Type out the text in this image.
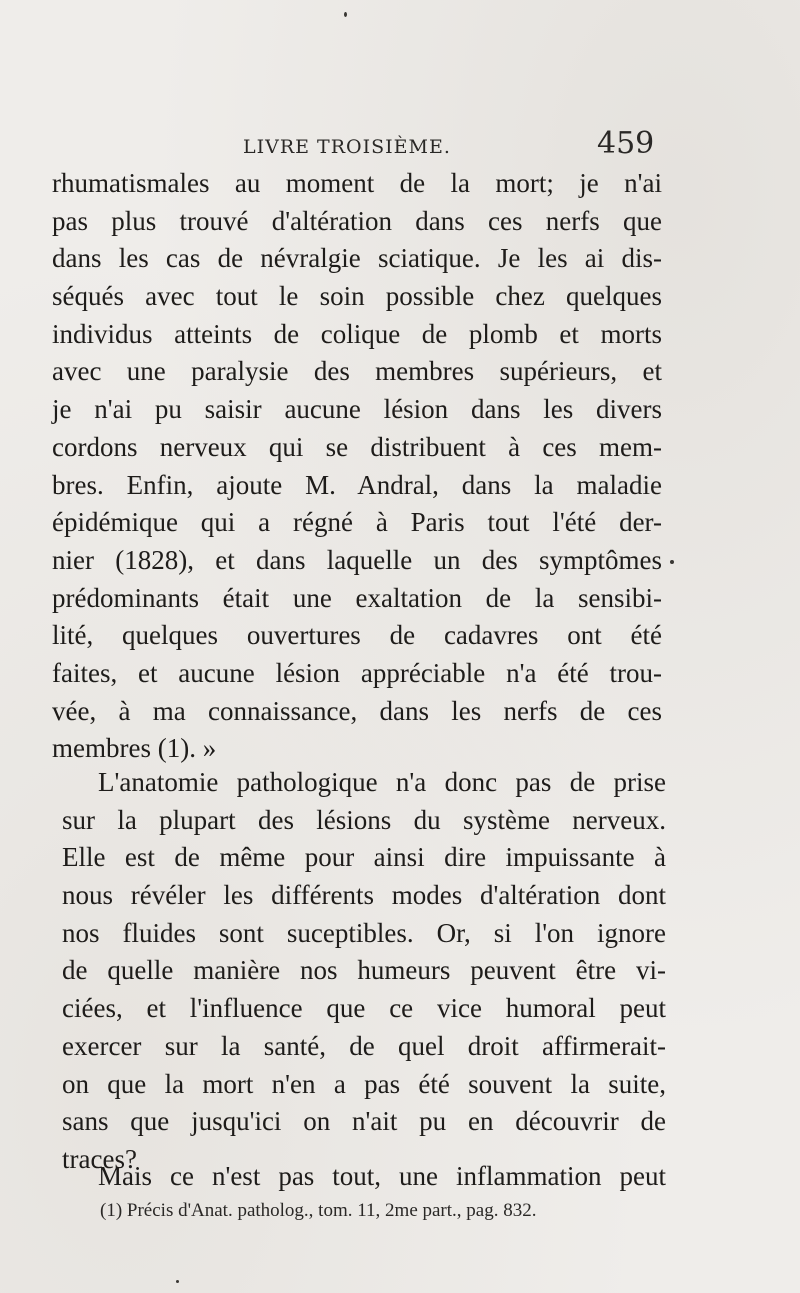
LIVRE TROISIÈME.	459
rhumatismales au moment de la mort; je n'ai
pas plus trouvé d'altération dans ces nerfs que
dans les cas de névralgie sciatique. Je les ai dis-
séqués avec tout le soin possible chez quelques
individus atteints de colique de plomb et morts
avec une paralysie des membres supérieurs, et
je n'ai pu saisir aucune lésion dans les divers
cordons nerveux qui se distribuent à ces mem-
bres. Enfin, ajoute M. Andral, dans la maladie
épidémique qui a régné à Paris tout l'été der-
nier (1828), et dans laquelle un des symptômes
prédominants était une exaltation de la sensibi-
lité, quelques ouvertures de cadavres ont été
faites, et aucune lésion appréciable n'a été trou-
vée, à ma connaissance, dans les nerfs de ces
membres (1). »
L'anatomie pathologique n'a donc pas de prise
sur la plupart des lésions du système nerveux.
Elle est de même pour ainsi dire impuissante à
nous révéler les différents modes d'altération dont
nos fluides sont suceptibles. Or, si l'on ignore
de quelle manière nos humeurs peuvent être vi-
ciées, et l'influence que ce vice humoral peut
exercer sur la santé, de quel droit affirmerait-
on que la mort n'en a pas été souvent la suite,
sans que jusqu'ici on n'ait pu en découvrir de
traces?
Mais ce n'est pas tout, une inflammation peut
(1) Précis d'Anat. patholog., tom. 11, 2me part., pag. 832.
